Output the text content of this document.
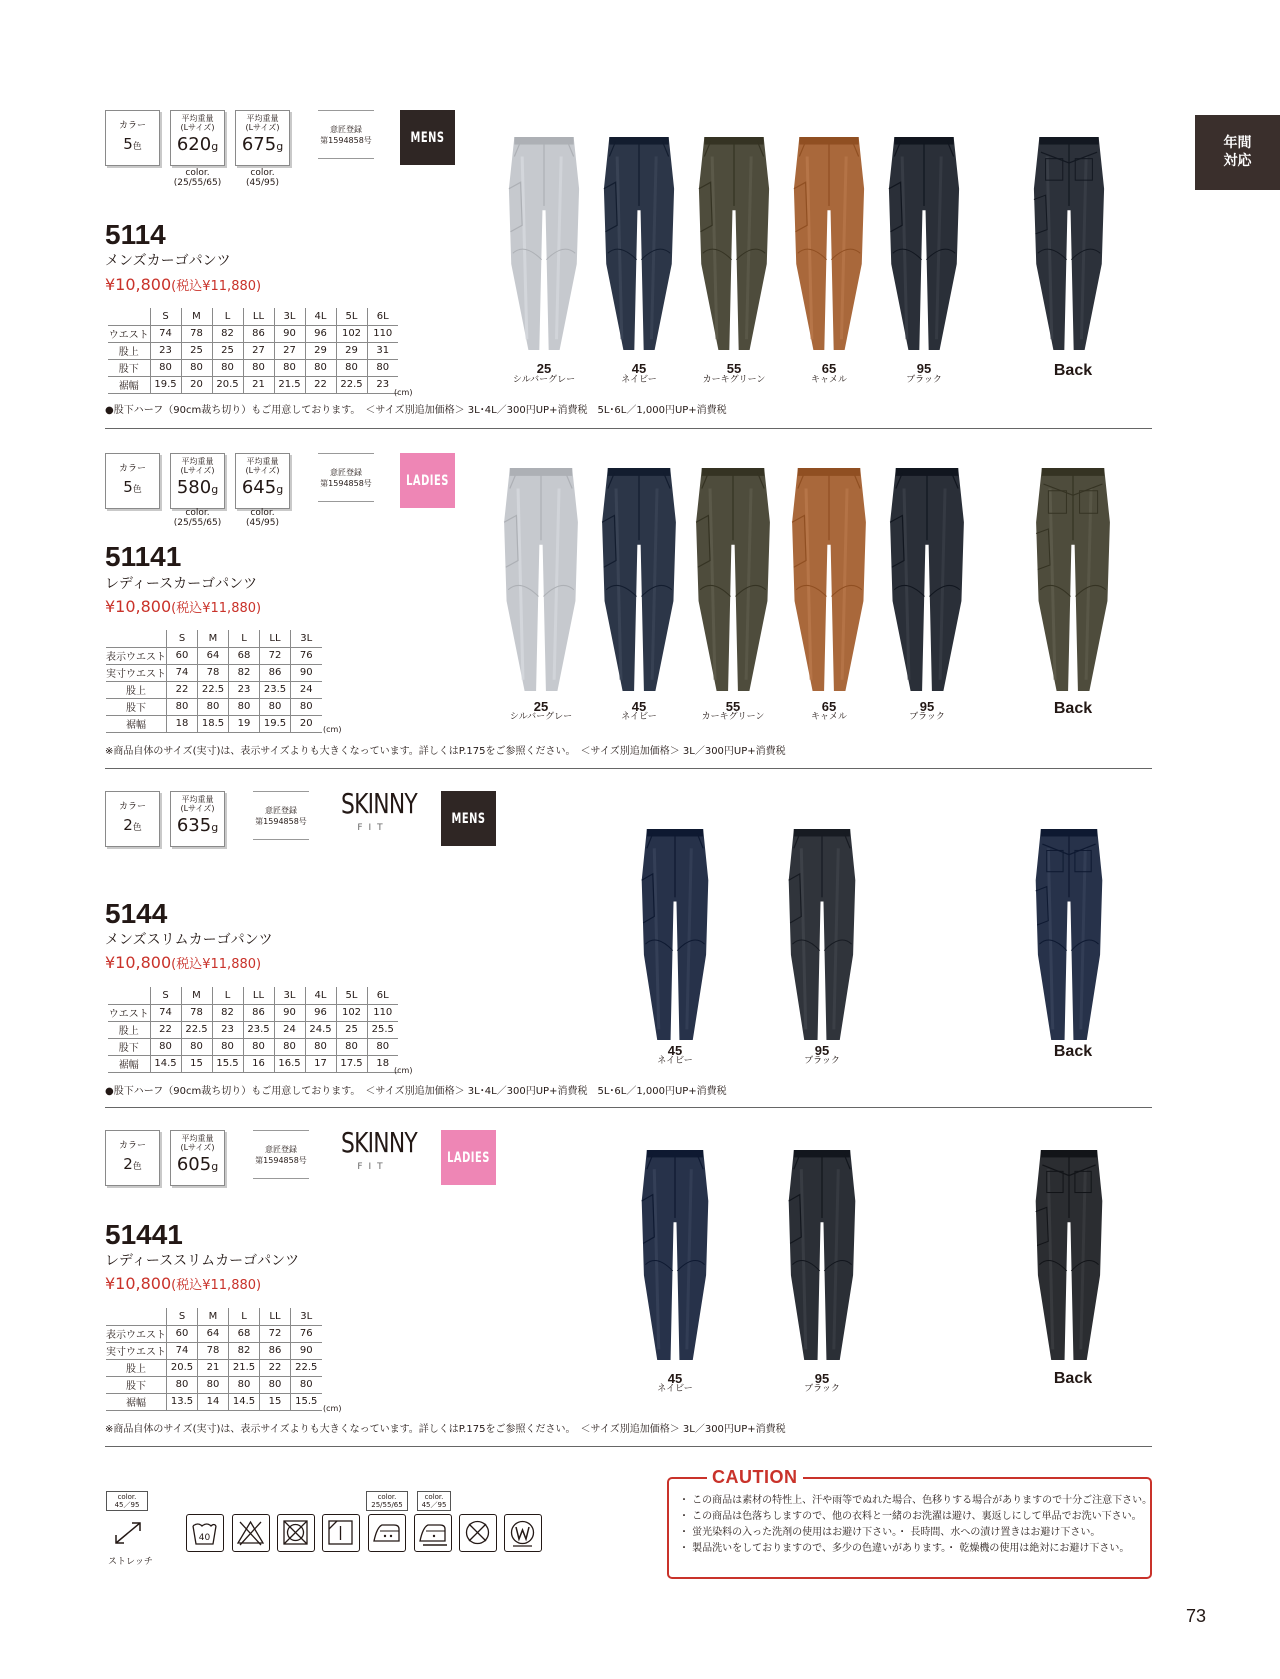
年間
対応
カラー
5色
平均重量
(Lサイズ)
620g
color.
(25/55/65)
平均重量
(Lサイズ)
675g
color.
(45/95)
意匠登録
第1594858号	MENS
5114
メンズカーゴパンツ
¥10,800(税込¥11,880)
	S	M	L	LL	3L	4L	5L	6L
ウエスト	74	78	82	86	90	96	102	110
股上	23	25	25	27	27	29	29	31
股下	80	80	80	80	80	80	80	80
裾幅	19.5	20	20.5	21	21.5	22	22.5	23
(cm)
●股下ハーフ（90cm裁ち切り）もご用意しております。　＜サイズ別追加価格＞ 3L･4L／300円UP+消費税　5L･6L／1,000円UP+消費税
25
シルバーグレー
45
ネイビー
55
カーキグリーン
65
キャメル
95
ブラック
Back
カラー
5色
平均重量
(Lサイズ)
580g
color.
(25/55/65)
平均重量
(Lサイズ)
645g
color.
(45/95)
意匠登録
第1594858号	LADIES
51141
レディースカーゴパンツ
¥10,800(税込¥11,880)
	S	M	L	LL	3L
表示ウエスト	60	64	68	72	76
実寸ウエスト	74	78	82	86	90
股上	22	22.5	23	23.5	24
股下	80	80	80	80	80
裾幅	18	18.5	19	19.5	20
(cm)
※商品自体のサイズ(実寸)は、表示サイズよりも大きくなっています。詳しくはP.175をご参照ください。　＜サイズ別追加価格＞ 3L／300円UP+消費税
25
シルバーグレー
45
ネイビー
55
カーキグリーン
65
キャメル
95
ブラック	Back
カラー
2色
平均重量
(Lサイズ)
635g
意匠登録
第1594858号
SKINNY
FIT
MENS
5144
メンズスリムカーゴパンツ
¥10,800(税込¥11,880)
	S	M	L	LL	3L	4L	5L	6L
ウエスト	74	78	82	86	90	96	102	110
股上	22	22.5	23	23.5	24	24.5	25	25.5
股下	80	80	80	80	80	80	80	80
裾幅	14.5	15	15.5	16	16.5	17	17.5	18
(cm)
●股下ハーフ（90cm裁ち切り）もご用意しております。　＜サイズ別追加価格＞ 3L･4L／300円UP+消費税　5L･6L／1,000円UP+消費税
45
ネイビー
95
ブラック
Back
カラー
2色
平均重量
(Lサイズ)
605g
意匠登録
第1594858号
SKINNY
FIT
LADIES
51441
レディーススリムカーゴパンツ
¥10,800(税込¥11,880)
	S	M	L	LL	3L
表示ウエスト	60	64	68	72	76
実寸ウエスト	74	78	82	86	90
股上	20.5	21	21.5	22	22.5
股下	80	80	80	80	80
裾幅	13.5	14	14.5	15	15.5
(cm)
※商品自体のサイズ(実寸)は、表示サイズよりも大きくなっています。詳しくはP.175をご参照ください。　＜サイズ別追加価格＞ 3L／300円UP+消費税
45
ネイビー
95
ブラック
Back
color.
45／95
ストレッチ
color.
25/55/65
color.
45／95
40
CAUTION
・ この商品は素材の特性上、汗や雨等でぬれた場合、色移りする場合がありますので十分ご注意下さい。
・ この商品は色落ちしますので、他の衣料と一緒のお洗濯は避け、裏返しにして単品でお洗い下さい。
・ 蛍光染料の入った洗剤の使用はお避け下さい。・ 長時間、水への漬け置きはお避け下さい。
・ 製品洗いをしておりますので、多少の色違いがあります。・ 乾燥機の使用は絶対にお避け下さい。
73
